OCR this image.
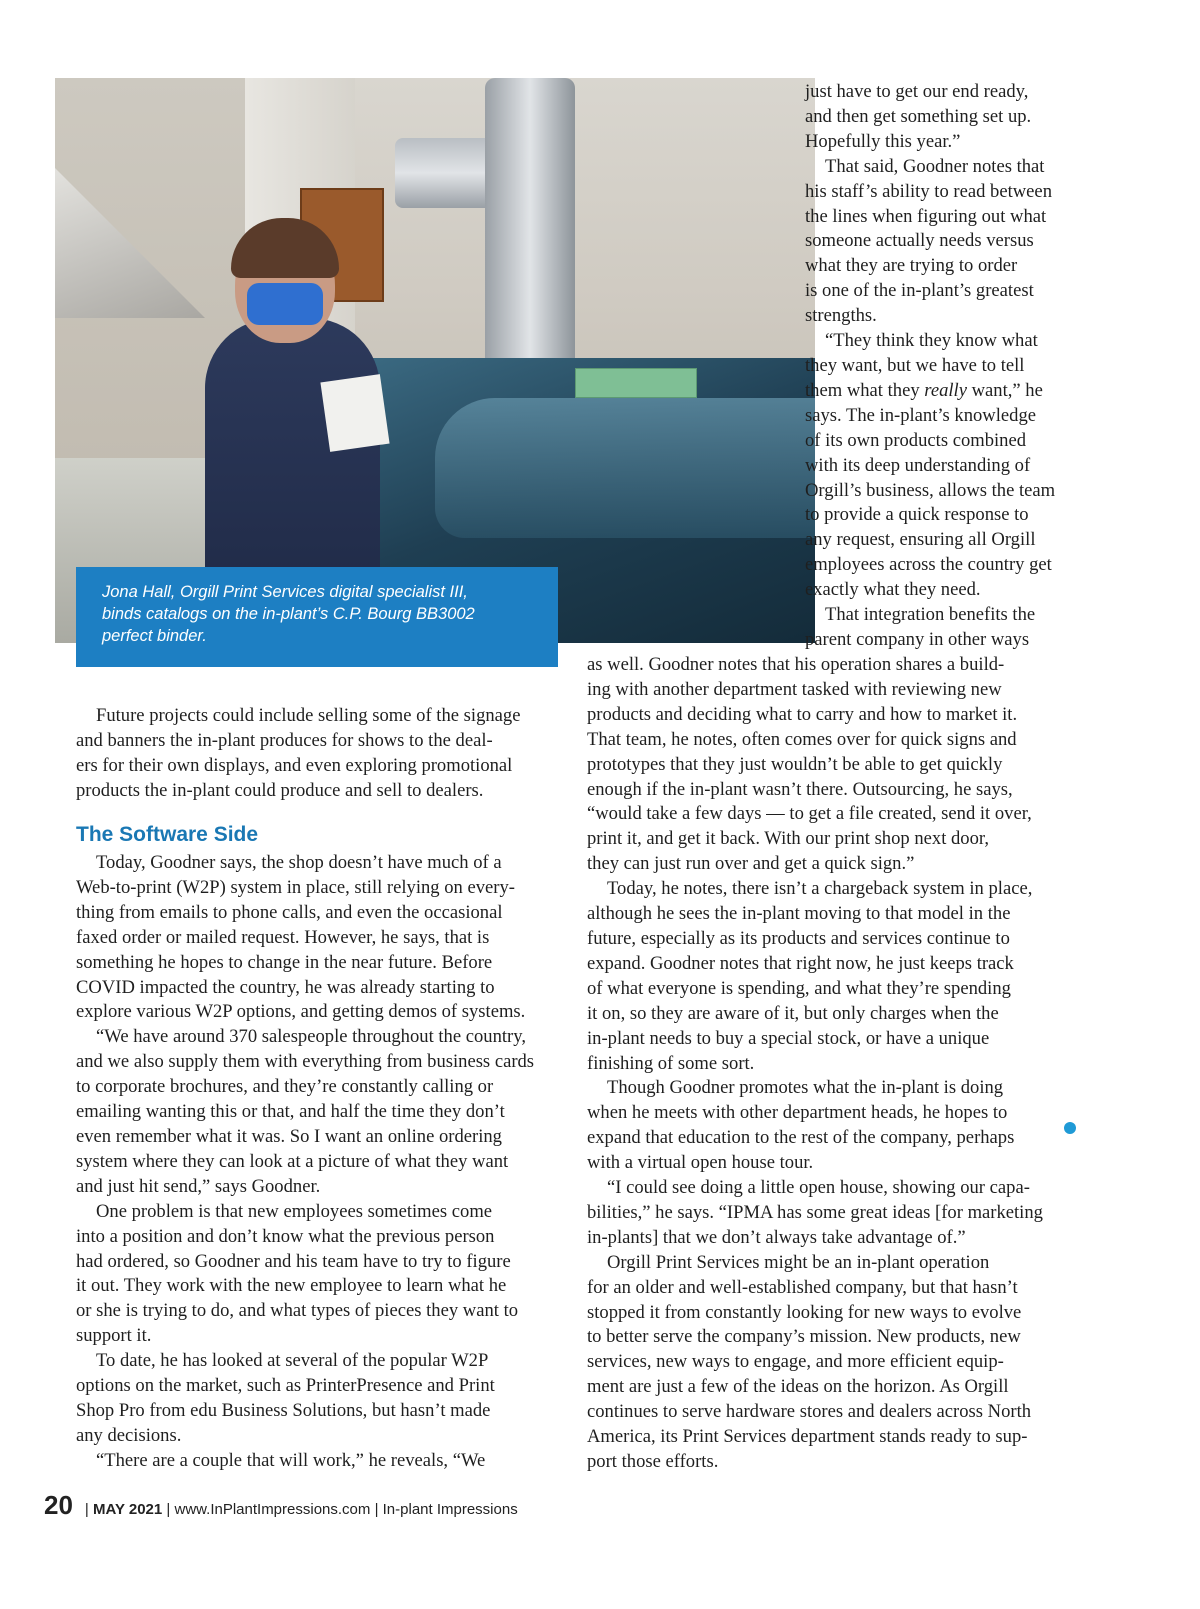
Jona Hall, Orgill Print Services digital specialist III,
binds catalogs on the in-plant’s C.P. Bourg BB3002
perfect binder.

just have to get our end ready,
and then get something set up.
Hopefully this year.”
That said, Goodner notes that
his staff’s ability to read between
the lines when figuring out what
someone actually needs versus
what they are trying to order
is one of the in-plant’s greatest
strengths.
“They think they know what
they want, but we have to tell
them what they really want,” he
says. The in-plant’s knowledge
of its own products combined
with its deep understanding of
Orgill’s business, allows the team
to provide a quick response to
any request, ensuring all Orgill
employees across the country get
exactly what they need.
That integration benefits the
parent company in other ways
as well. Goodner notes that his operation shares a build-
ing with another department tasked with reviewing new
products and deciding what to carry and how to market it.
That team, he notes, often comes over for quick signs and
prototypes that they just wouldn’t be able to get quickly
enough if the in-plant wasn’t there. Outsourcing, he says,
“would take a few days — to get a file created, send it over,
print it, and get it back. With our print shop next door,
they can just run over and get a quick sign.”
Today, he notes, there isn’t a chargeback system in place,
although he sees the in-plant moving to that model in the
future, especially as its products and services continue to
expand. Goodner notes that right now, he just keeps track
of what everyone is spending, and what they’re spending
it on, so they are aware of it, but only charges when the
in-plant needs to buy a special stock, or have a unique
finishing of some sort.
Though Goodner promotes what the in-plant is doing
when he meets with other department heads, he hopes to
expand that education to the rest of the company, perhaps
with a virtual open house tour.
“I could see doing a little open house, showing our capa-
bilities,” he says. “IPMA has some great ideas [for marketing
in-plants] that we don’t always take advantage of.”
Orgill Print Services might be an in-plant operation
for an older and well-established company, but that hasn’t
stopped it from constantly looking for new ways to evolve
to better serve the company’s mission. New products, new
services, new ways to engage, and more efficient equip-
ment are just a few of the ideas on the horizon. As Orgill
continues to serve hardware stores and dealers across North
America, its Print Services department stands ready to sup-
port those efforts.
Future projects could include selling some of the signage
and banners the in-plant produces for shows to the deal-
ers for their own displays, and even exploring promotional
products the in-plant could produce and sell to dealers.
The Software Side
Today, Goodner says, the shop doesn’t have much of a
Web-to-print (W2P) system in place, still relying on every-
thing from emails to phone calls, and even the occasional
faxed order or mailed request. However, he says, that is
something he hopes to change in the near future. Before
COVID impacted the country, he was already starting to
explore various W2P options, and getting demos of systems.
“We have around 370 salespeople throughout the country,
and we also supply them with everything from business cards
to corporate brochures, and they’re constantly calling or
emailing wanting this or that, and half the time they don’t
even remember what it was. So I want an online ordering
system where they can look at a picture of what they want
and just hit send,” says Goodner.
One problem is that new employees sometimes come
into a position and don’t know what the previous person
had ordered, so Goodner and his team have to try to figure
it out. They work with the new employee to learn what he
or she is trying to do, and what types of pieces they want to
support it.
To date, he has looked at several of the popular W2P
options on the market, such as PrinterPresence and Print
Shop Pro from edu Business Solutions, but hasn’t made
any decisions.
“There are a couple that will work,” he reveals, “We
20 | MAY 2021 | www.InPlantImpressions.com | In-plant Impressions
